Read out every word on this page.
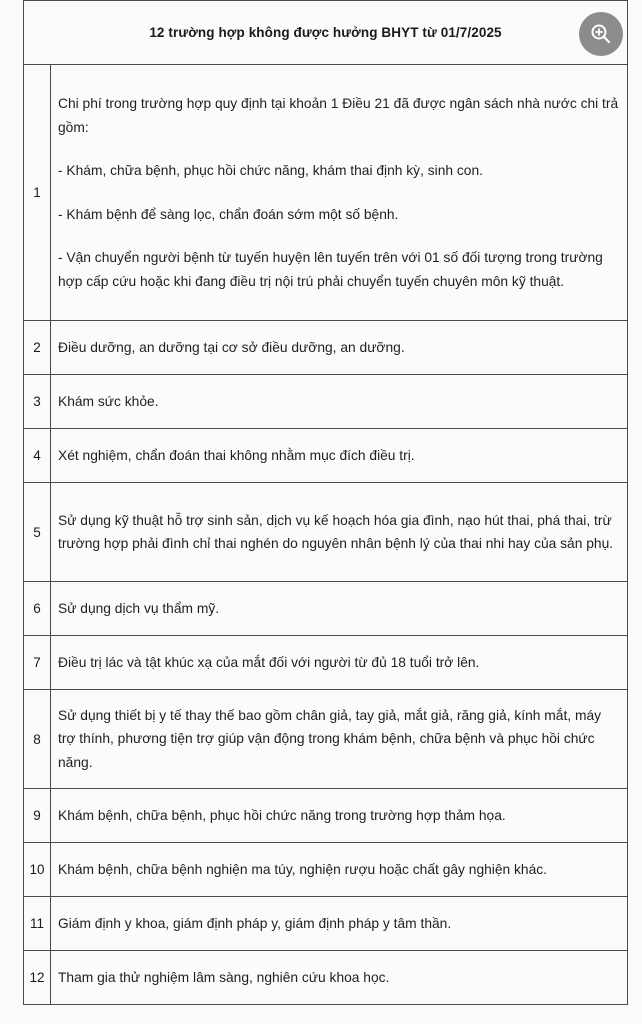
12 trường hợp không được hưởng BHYT từ 01/7/2025	
1	Chi phí trong trường hợp quy định tại khoản 1 Điều 21 đã được ngân sách nhà nước chi trả gồm:

- Khám, chữa bệnh, phục hồi chức năng, khám thai định kỳ, sinh con.

- Khám bệnh để sàng lọc, chẩn đoán sớm một số bệnh.

- Vận chuyển người bệnh từ tuyến huyện lên tuyến trên với 01 số đối tượng trong trường hợp cấp cứu hoặc khi đang điều trị nội trú phải chuyển tuyến chuyên môn kỹ thuật.

2	Điều dưỡng, an dưỡng tại cơ sở điều dưỡng, an dưỡng.
3	Khám sức khỏe.
4	Xét nghiệm, chẩn đoán thai không nhằm mục đích điều trị.
5	Sử dụng kỹ thuật hỗ trợ sinh sản, dịch vụ kế hoạch hóa gia đình, nạo hút thai, phá thai, trừ trường hợp phải đình chỉ thai nghén do nguyên nhân bệnh lý của thai nhi hay của sản phụ.
6	Sử dụng dịch vụ thẩm mỹ.
7	Điều trị lác và tật khúc xạ của mắt đối với người từ đủ 18 tuổi trở lên.
8	Sử dụng thiết bị y tế thay thế bao gồm chân giả, tay giả, mắt giả, răng giả, kính mắt, máy trợ thính, phương tiện trợ giúp vận động trong khám bệnh, chữa bệnh và phục hồi chức năng.
9	Khám bệnh, chữa bệnh, phục hồi chức năng trong trường hợp thảm họa.
10	Khám bệnh, chữa bệnh nghiện ma túy, nghiện rượu hoặc chất gây nghiện khác.
11	Giám định y khoa, giám định pháp y, giám định pháp y tâm thần.
12	Tham gia thử nghiệm lâm sàng, nghiên cứu khoa học.
